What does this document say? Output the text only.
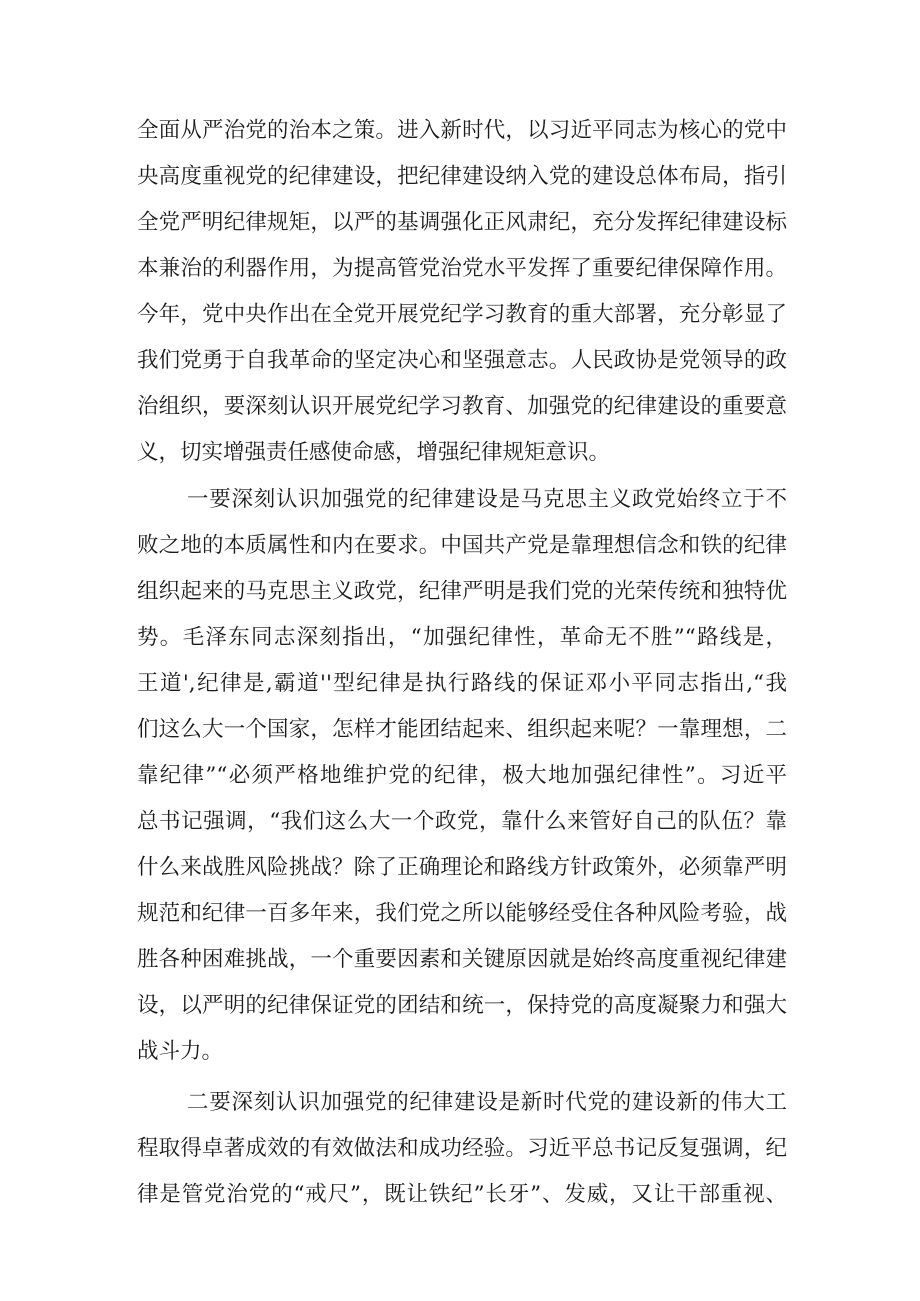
全面从严治党的治本之策。进入新时代，以习近平同志为核心的党中
央高度重视党的纪律建设，把纪律建设纳入党的建设总体布局，指引
全党严明纪律规矩，以严的基调强化正风肃纪，充分发挥纪律建设标
本兼治的利器作用，为提高管党治党水平发挥了重要纪律保障作用。
今年，党中央作出在全党开展党纪学习教育的重大部署，充分彰显了
我们党勇于自我革命的坚定决心和坚强意志。人民政协是党领导的政
治组织，要深刻认识开展党纪学习教育、加强党的纪律建设的重要意
义，切实增强责任感使命感，增强纪律规矩意识。
一要深刻认识加强党的纪律建设是马克思主义政党始终立于不
败之地的本质属性和内在要求。中国共产党是靠理想信念和铁的纪律
组织起来的马克思主义政党，纪律严明是我们党的光荣传统和独特优
势。毛泽东同志深刻指出，“加强纪律性，革命无不胜”“路线是，
王道',纪律是,霸道''型纪律是执行路线的保证邓小平同志指出,“我
们这么大一个国家，怎样才能团结起来、组织起来呢？一靠理想，二
靠纪律”“必须严格地维护党的纪律，极大地加强纪律性”。习近平
总书记强调，“我们这么大一个政党，靠什么来管好自己的队伍？靠
什么来战胜风险挑战？除了正确理论和路线方针政策外，必须靠严明
规范和纪律一百多年来，我们党之所以能够经受住各种风险考验，战
胜各种困难挑战，一个重要因素和关键原因就是始终高度重视纪律建
设，以严明的纪律保证党的团结和统一，保持党的高度凝聚力和强大
战斗力。
二要深刻认识加强党的纪律建设是新时代党的建设新的伟大工
程取得卓著成效的有效做法和成功经验。习近平总书记反复强调，纪
律是管党治党的“戒尺”，既让铁纪”长牙”、发威，又让干部重视、
